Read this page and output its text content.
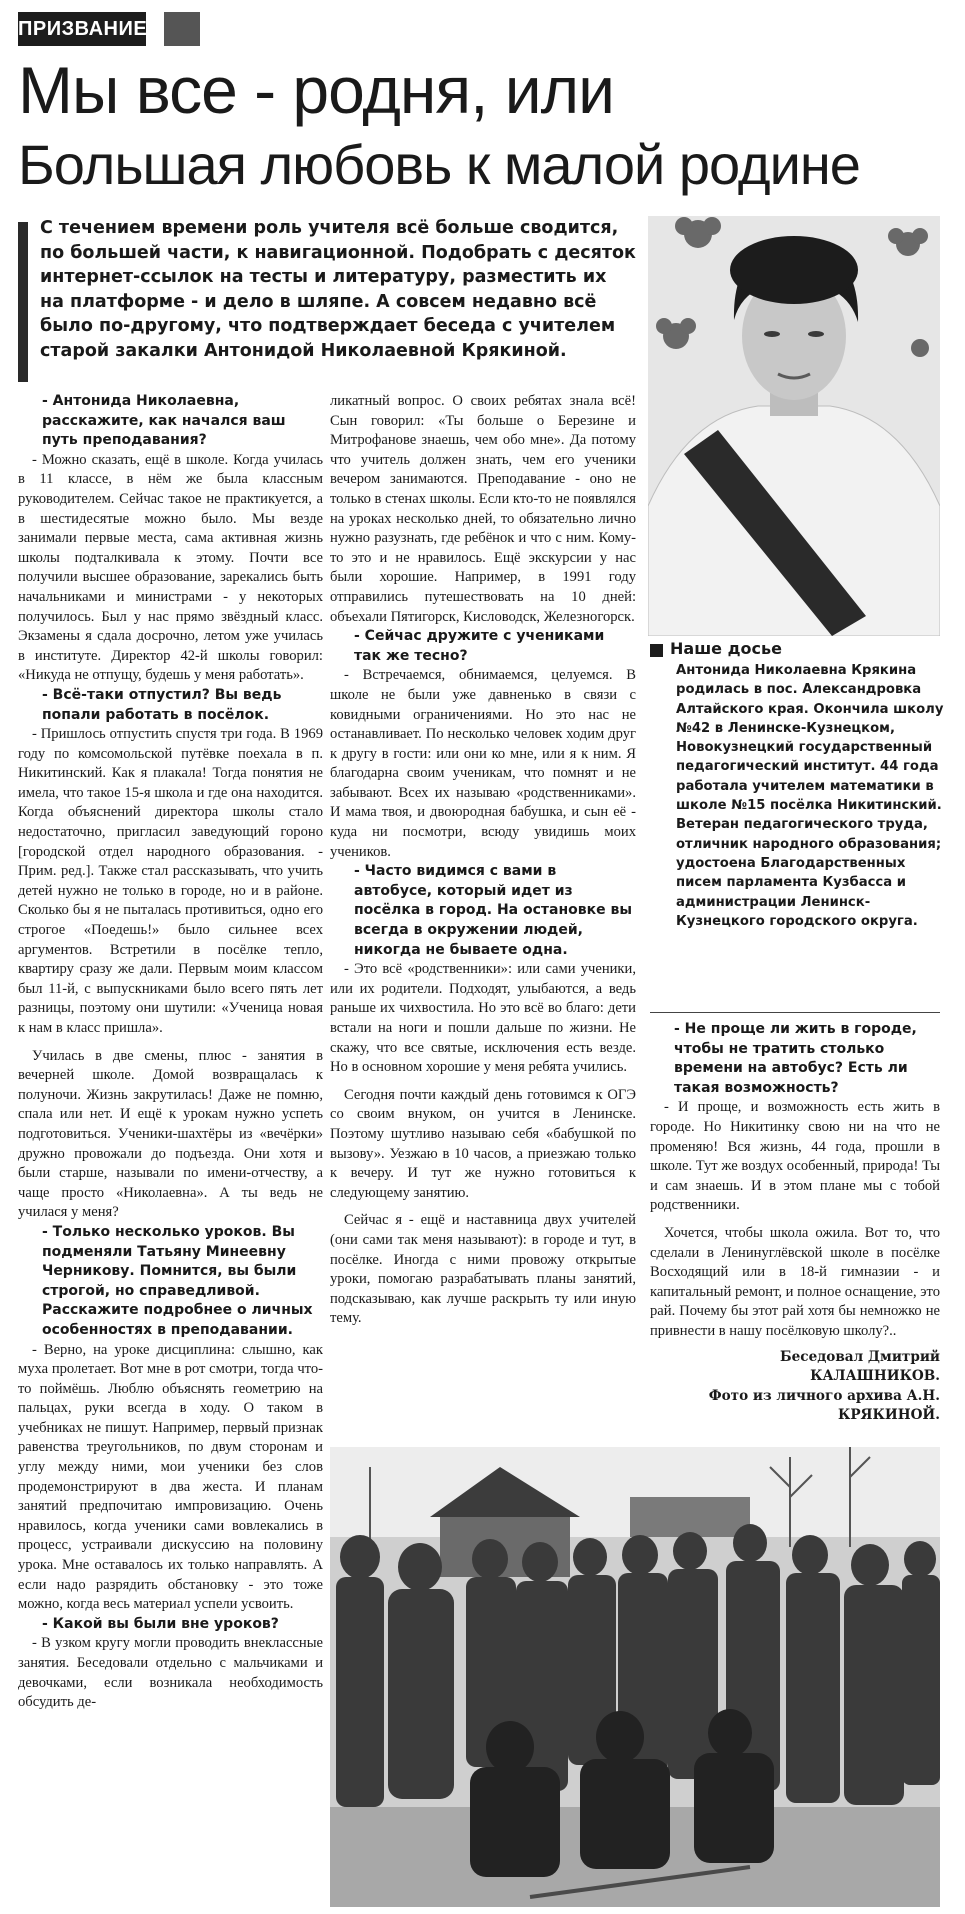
ПРИЗВАНИЕ
Мы все - родня, или
Большая любовь к малой родине
С течением времени роль учителя всё больше сводится, по большей части, к навигационной. Подобрать с десяток интернет-ссылок на тесты и литературу, разместить их на платформе - и дело в шляпе. А совсем недавно всё было по-другому, что подтверждает беседа с учителем старой закалки Антонидой Николаевной Крякиной.

- Антонида Николаевна, расскажите, как начался ваш путь преподавания?

- Можно сказать, ещё в школе. Когда училась в 11 классе, в нём же была классным руководителем. Сейчас такое не практикуется, а в шестидесятые можно было. Мы везде занимали первые места, сама активная жизнь школы подталкивала к этому. Почти все получили высшее образование, зарекались быть начальниками и министрами - у некоторых получилось. Был у нас прямо звёздный класс. Экзамены я сдала досрочно, летом уже училась в институте. Директор 42-й школы говорил: «Никуда не отпущу, будешь у меня работать».

- Всё-таки отпустил? Вы ведь попали работать в посёлок.

- Пришлось отпустить спустя три года. В 1969 году по комсомольской путёвке поехала в п. Никитинский. Как я плакала! Тогда понятия не имела, что такое 15-я школа и где она находится. Когда объяснений директора школы стало недостаточно, пригласил заведующий гороно [городской отдел народного образования. - Прим. ред.]. Также стал рассказывать, что учить детей нужно не только в городе, но и в районе. Сколько бы я не пыталась противиться, одно его строгое «Поедешь!» было сильнее всех аргументов. Встретили в посёлке тепло, квартиру сразу же дали. Первым моим классом был 11-й, с выпускниками было всего пять лет разницы, поэтому они шутили: «Ученица новая к нам в класс пришла».

Училась в две смены, плюс - занятия в вечерней школе. Домой возвращалась к полуночи. Жизнь закрутилась! Даже не помню, спала или нет. И ещё к урокам нужно успеть подготовиться. Ученики-шахтёры из «вечёрки» дружно провожали до подъезда. Они хотя и были старше, называли по имени-отчеству, а чаще просто «Николаевна». А ты ведь не училася у меня?

- Только несколько уроков. Вы подменяли Татьяну Минеевну Черникову. Помнится, вы были строгой, но справедливой. Расскажите подробнее о личных особенностях в преподавании.

- Верно, на уроке дисциплина: слышно, как муха пролетает. Вот мне в рот смотри, тогда что-то поймёшь. Люблю объяснять геометрию на пальцах, руки всегда в ходу. О таком в учебниках не пишут. Например, первый признак равенства треугольников, по двум сторонам и углу между ними, мои ученики без слов продемонстрируют в два жеста. И планам занятий предпочитаю импровизацию. Очень нравилось, когда ученики сами вовлекались в процесс, устраивали дискуссию на половину урока. Мне оставалось их только направлять. А если надо разрядить обстановку - это тоже можно, когда весь материал успели усвоить.

- Какой вы были вне уроков?

- В узком кругу могли проводить внеклассные занятия. Беседовали отдельно с мальчиками и девочками, если возникала необходимость обсудить де-

ликатный вопрос. О своих ребятах знала всё! Сын говорил: «Ты больше о Березине и Митрофанове знаешь, чем обо мне». Да потому что учитель должен знать, чем его ученики вечером занимаются. Преподавание - оно не только в стенах школы. Если кто-то не появлялся на уроках несколько дней, то обязательно лично нужно разузнать, где ребёнок и что с ним. Кому-то это и не нравилось. Ещё экскурсии у нас были хорошие. Например, в 1991 году отправились путешествовать на 10 дней: объехали Пятигорск, Кисловодск, Железногорск.

- Сейчас дружите с учениками так же тесно?

- Встречаемся, обнимаемся, целуемся. В школе не были уже давненько в связи с ковидными ограничениями. Но это нас не останавливает. По несколько человек ходим друг к другу в гости: или они ко мне, или я к ним. Я благодарна своим ученикам, что помнят и не забывают. Всех их называю «родственниками». И мама твоя, и двоюродная бабушка, и сын её - куда ни посмотри, всюду увидишь моих учеников.

- Часто видимся с вами в автобусе, который идет из посёлка в город. На остановке вы всегда в окружении людей, никогда не бываете одна.

- Это всё «родственники»: или сами ученики, или их родители. Подходят, улыбаются, а ведь раньше их чихвостила. Но это всё во благо: дети встали на ноги и пошли дальше по жизни. Не скажу, что все святые, исключения есть везде. Но в основном хорошие у меня ребята учились.

Сегодня почти каждый день готовимся к ОГЭ со своим внуком, он учится в Ленинске. Поэтому шутливо называю себя «бабушкой по вызову». Уезжаю в 10 часов, а приезжаю только к вечеру. И тут же нужно готовиться к следующему занятию.

Сейчас я - ещё и наставница двух учителей (они сами так меня называют): в городе и тут, в посёлке. Иногда с ними провожу открытые уроки, помогаю разрабатывать планы занятий, подсказываю, как лучше раскрыть ту или иную тему.

Наше досье
Антонида Николаевна Крякина родилась в пос. Александровка Алтайского края. Окончила школу №42 в Ленинске-Кузнецком, Новокузнецкий государственный педагогический институт. 44 года работала учителем математики в школе №15 посёлка Никитинский. Ветеран педагогического труда, отличник народного образования; удостоена Благодарственных писем парламента Кузбасса и администрации Ленинск-Кузнецкого городского округа.

- Не проще ли жить в городе, чтобы не тратить столько времени на автобус? Есть ли такая возможность?

- И проще, и возможность есть жить в городе. Но Никитинку свою ни на что не променяю! Вся жизнь, 44 года, прошли в школе. Тут же воздух особенный, природа! Ты и сам знаешь. И в этом плане мы с тобой родственники.

Хочется, чтобы школа ожила. Вот то, что сделали в Ленинуглёвской школе в посёлке Восходящий или в 18-й гимназии - и капитальный ремонт, и полное оснащение, это рай. Почему бы этот рай хотя бы немножко не привнести в нашу посёлковую школу?..

Беседовал Дмитрий КАЛАШНИКОВ.

Фото из личного архива А.Н. КРЯКИНОЙ.
